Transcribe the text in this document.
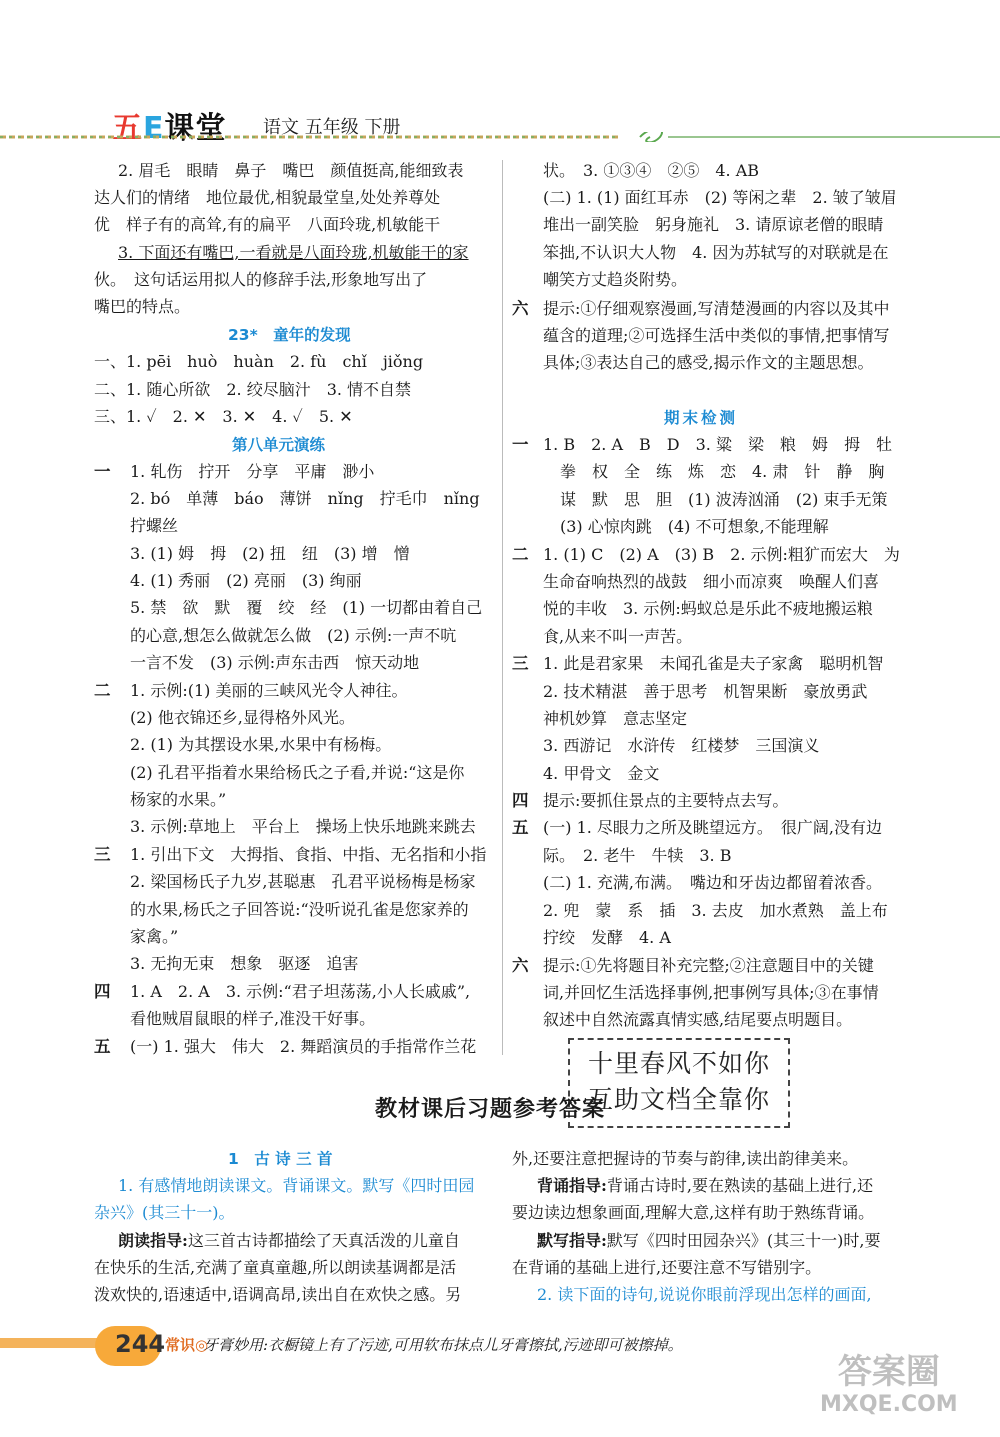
五E课堂 语文 五年级 下册
2. 眉毛　眼睛　鼻子　嘴巴　颜值挺高,能细致表
达人们的情绪　地位最优,相貌最堂皇,处处养尊处
优　样子有的高耸,有的扁平　八面玲珑,机敏能干
3. 下面还有嘴巴,一看就是八面玲珑,机敏能干的家
伙。　这句话运用拟人的修辞手法,形象地写出了
嘴巴的特点。
23*　童年的发现
一、1. pēi　huò　huàn　2. fù　chǐ　jiǒng
二、1. 随心所欲　2. 绞尽脑汁　3. 情不自禁
三、1. ✓　2. ✕　3. ✕　4. ✓　5. ✕
第八单元演练
一 1. 轧伤　拧开　分享　平庸　渺小
2. bó　单薄　báo　薄饼　nǐng　拧毛巾　nǐng
拧螺丝
3. (1) 姆　拇　(2) 扭　纽　(3) 增　憎
4. (1) 秀丽　(2) 亮丽　(3) 绚丽
5. 禁　欲　默　覆　绞　经　(1) 一切都由着自己
的心意,想怎么做就怎么做　(2) 示例:一声不吭
一言不发　(3) 示例:声东击西　惊天动地
二 1. 示例:(1) 美丽的三峡风光令人神往。
(2) 他衣锦还乡,显得格外风光。
2. (1) 为其摆设水果,水果中有杨梅。
(2) 孔君平指着水果给杨氏之子看,并说:“这是你
杨家的水果。”
3. 示例:草地上　平台上　操场上快乐地跳来跳去
三 1. 引出下文　大拇指、食指、中指、无名指和小指
2. 梁国杨氏子九岁,甚聪惠　孔君平说杨梅是杨家
的水果,杨氏之子回答说:“没听说孔雀是您家养的
家禽。”
3. 无拘无束　想象　驱逐　追害
四 1. A　2. A　3. 示例:“君子坦荡荡,小人长戚戚”,
看他贼眉鼠眼的样子,准没干好事。
五 (一) 1. 强大　伟大　2. 舞蹈演员的手指常作兰花
状。　3. ①③④　②⑤　4. AB
(二) 1. (1) 面红耳赤　(2) 等闲之辈　2. 皱了皱眉
堆出一副笑脸　躬身施礼　3. 请原谅老僧的眼睛
笨拙,不认识大人物　4. 因为苏轼写的对联就是在
嘲笑方丈趋炎附势。
六 提示:①仔细观察漫画,写清楚漫画的内容以及其中
蕴含的道理;②可选择生活中类似的事情,把事情写
具体;③表达自己的感受,揭示作文的主题思想。
期末检测
一 1. B　2. A　B　D　3. 粱　梁　粮　姆　拇　牡
拳　权　全　练　炼　恋　4. 肃　针　静　胸
谋　默　思　胆　(1) 波涛汹涌　(2) 束手无策
(3) 心惊肉跳　(4) 不可想象,不能理解
二 1. (1) C　(2) A　(3) B　2. 示例:粗犷而宏大　为
生命奋响热烈的战鼓　细小而凉爽　唤醒人们喜
悦的丰收　3. 示例:蚂蚁总是乐此不疲地搬运粮
食,从来不叫一声苦。
三 1. 此是君家果　未闻孔雀是夫子家禽　聪明机智
2. 技术精湛　善于思考　机智果断　豪放勇武
神机妙算　意志坚定
3. 西游记　水浒传　红楼梦　三国演义
4. 甲骨文　金文
四 提示:要抓住景点的主要特点去写。
五 (一) 1. 尽眼力之所及眺望远方。　很广阔,没有边
际。　2. 老牛　牛犊　3. B
(二) 1. 充满,布满。　嘴边和牙齿边都留着浓香。
2. 兜　蒙　系　插　3. 去皮　加水煮熟　盖上布
拧绞　发酵　4. A
六 提示:①先将题目补充完整;②注意题目中的关键
词,并回忆生活选择事例,把事例写具体;③在事情
叙述中自然流露真情实感,结尾要点明题目。
十里春风不如你
互助文档全靠你
教材课后习题参考答案
1　古 诗 三 首
1. 有感情地朗读课文。背诵课文。默写《四时田园
杂兴》(其三十一)。
朗读指导:这三首古诗都描绘了天真活泼的儿童自
在快乐的生活,充满了童真童趣,所以朗读基调都是活
泼欢快的,语速适中,语调高昂,读出自在欢快之感。另
外,还要注意把握诗的节奏与韵律,读出韵律美来。
背诵指导:背诵古诗时,要在熟读的基础上进行,还
要边读边想象画面,理解大意,这样有助于熟练背诵。
默写指导:默写《四时田园杂兴》(其三十一)时,要
在背诵的基础上进行,还要注意不写错别字。
2. 读下面的诗句,说说你眼前浮现出怎样的画面,
244 常识◎
牙膏妙用:衣橱镜上有了污迹,可用软布抹点儿牙膏擦拭,污迹即可被擦掉。
答案圈
MXQE.COM
